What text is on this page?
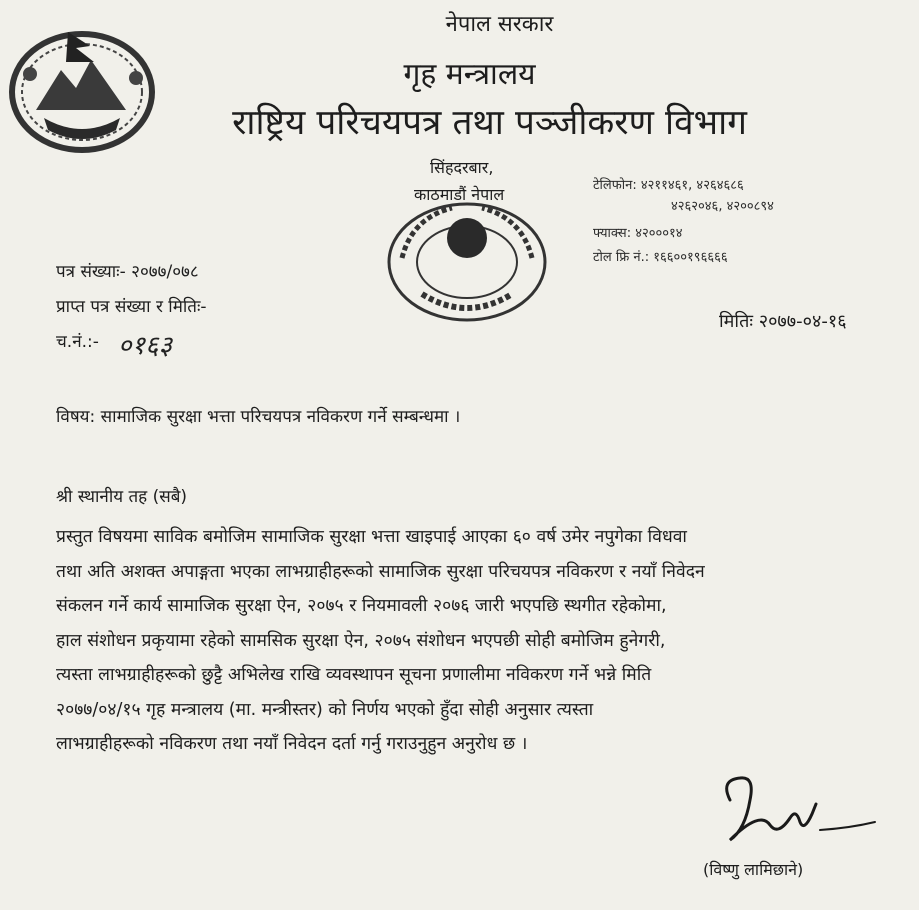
नेपाल सरकार
गृह मन्त्रालय
राष्ट्रिय परिचयपत्र तथा पञ्जीकरण विभाग
सिंहदरबार,
काठमाडौं नेपाल	टेलिफोन: ४२११४६१, ४२६४६८६
४२६२०४६, ४२००८९४
फ्याक्स: ४२०००१४
टोल फ्रि नं.: १६६००१९६६६६
पत्र संख्याः- २०७७/०७८
प्राप्त पत्र संख्या र मितिः-
च.नं.:- ०१६३
मितिः २०७७-०४-१६
विषय: सामाजिक सुरक्षा भत्ता परिचयपत्र नविकरण गर्ने सम्बन्धमा ।
श्री स्थानीय तह (सबै)

प्रस्तुत विषयमा साविक बमोजिम सामाजिक सुरक्षा भत्ता खाइपाई आएका ६० वर्ष उमेर नपुगेका विधवा

तथा अति अशक्त अपाङ्गता भएका लाभग्राहीहरूको सामाजिक सुरक्षा परिचयपत्र नविकरण र नयाँ निवेदन

संकलन गर्ने कार्य सामाजिक सुरक्षा ऐन, २०७५ र नियमावली २०७६ जारी भएपछि स्थगीत रहेकोमा,

हाल संशोधन प्रकृयामा रहेको सामसिक सुरक्षा ऐन, २०७५ संशोधन भएपछी सोही बमोजिम हुनेगरी,

त्यस्ता लाभग्राहीहरूको छुट्टै अभिलेख राखि व्यवस्थापन सूचना प्रणालीमा नविकरण गर्ने भन्ने मिति

२०७७/०४/१५ गृह मन्त्रालय (मा. मन्त्रीस्तर) को निर्णय भएको हुँदा सोही अनुसार त्यस्ता

लाभग्राहीहरूको नविकरण तथा नयाँ निवेदन दर्ता गर्नु गराउनुहुन अनुरोध छ ।

(विष्णु लामिछाने)
